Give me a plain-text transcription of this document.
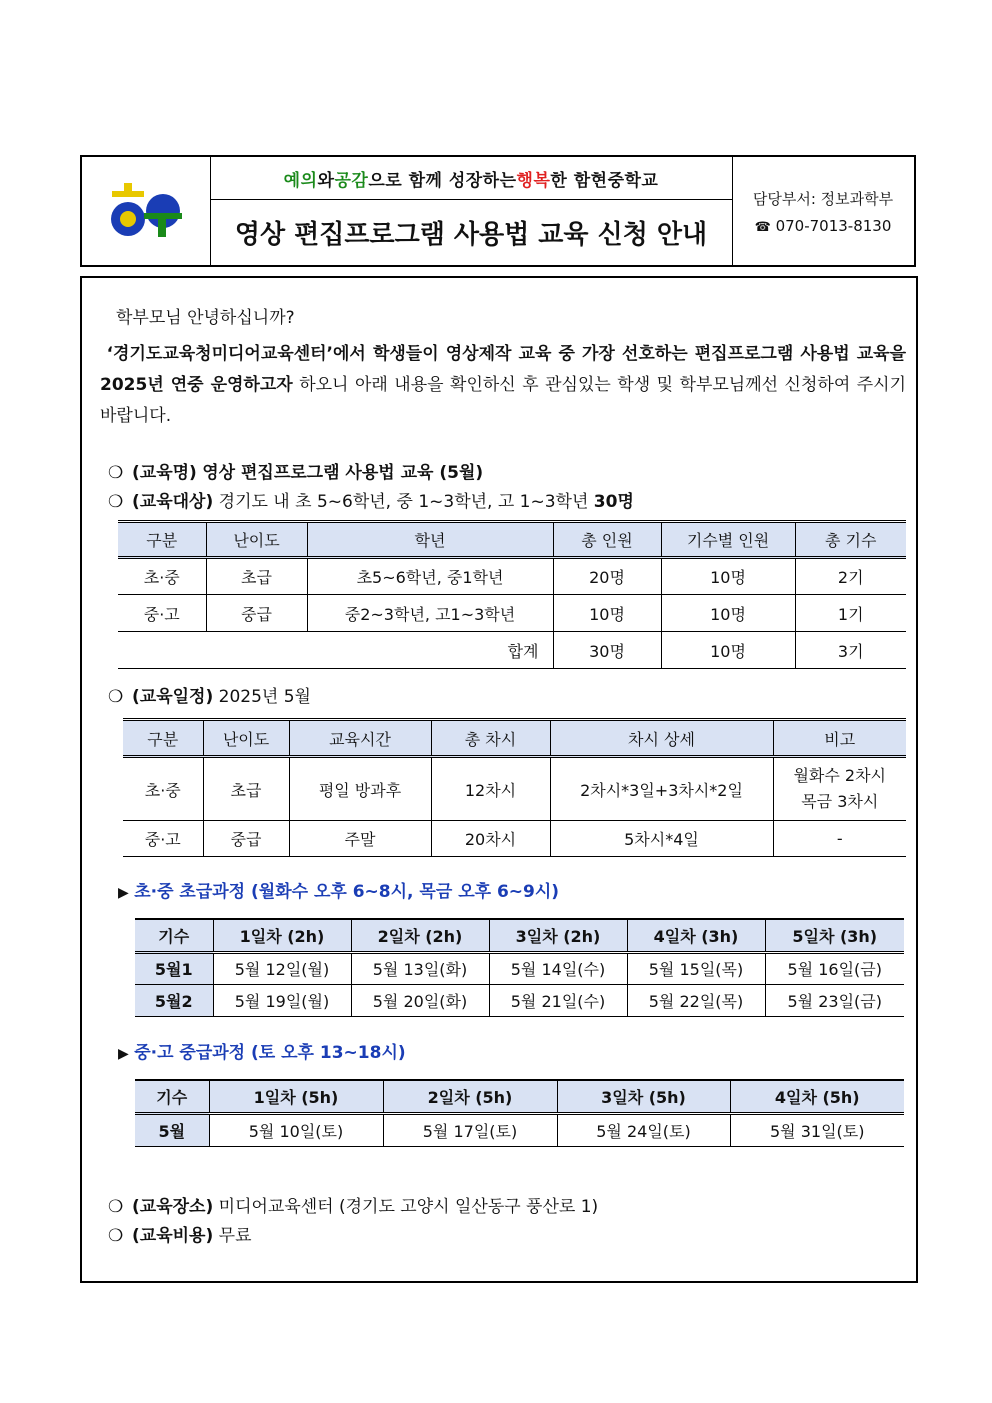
예의 와 공감 으로 함께 성장하는 행복 한 함현중학교
영상 편집프로그램 사용법 교육 신청 안내
담당부서: 정보과학부
☎ 070-7013-8130
학부모님 안녕하십니까?
‘경기도교육청미디어교육센터’에서 학생들이 영상제작 교육 중 가장 선호하는 편집프로그램 사용법 교육을 2025년 연중 운영하고자 하오니 아래 내용을 확인하신 후 관심있는 학생 및 학부모님께선 신청하여 주시기 바랍니다.
❍ (교육명) 영상 편집프로그램 사용법 교육 (5월)
❍ (교육대상) 경기도 내 초 5~6학년, 중 1~3학년, 고 1~3학년 30명
구분	난이도	학년	총 인원	기수별 인원	총 기수
초·중	초급	초5~6학년, 중1학년	20명	10명	2기
중·고	중급	중2~3학년, 고1~3학년	10명	10명	1기
합계			30명	10명	3기
❍ (교육일정) 2025년 5월
구분	난이도	교육시간	총 차시	차시 상세	비고
초·중	초급	평일 방과후	12차시	2차시*3일+3차시*2일	월화수 2차시
목금 3차시
중·고	중급	주말	20차시	5차시*4일	-
▶ 초·중 초급과정 (월화수 오후 6~8시, 목금 오후 6~9시)
기수	1일차 (2h)	2일차 (2h)	3일차 (2h)	4일차 (3h)	5일차 (3h)
5월1	5월 12일(월)	5월 13일(화)	5월 14일(수)	5월 15일(목)	5월 16일(금)
5월2	5월 19일(월)	5월 20일(화)	5월 21일(수)	5월 22일(목)	5월 23일(금)
▶ 중·고 중급과정 (토 오후 13~18시)
기수	1일차 (5h)	2일차 (5h)	3일차 (5h)	4일차 (5h)
5월	5월 10일(토)	5월 17일(토)	5월 24일(토)	5월 31일(토)
❍ (교육장소) 미디어교육센터 (경기도 고양시 일산동구 풍산로 1)
❍ (교육비용) 무료
